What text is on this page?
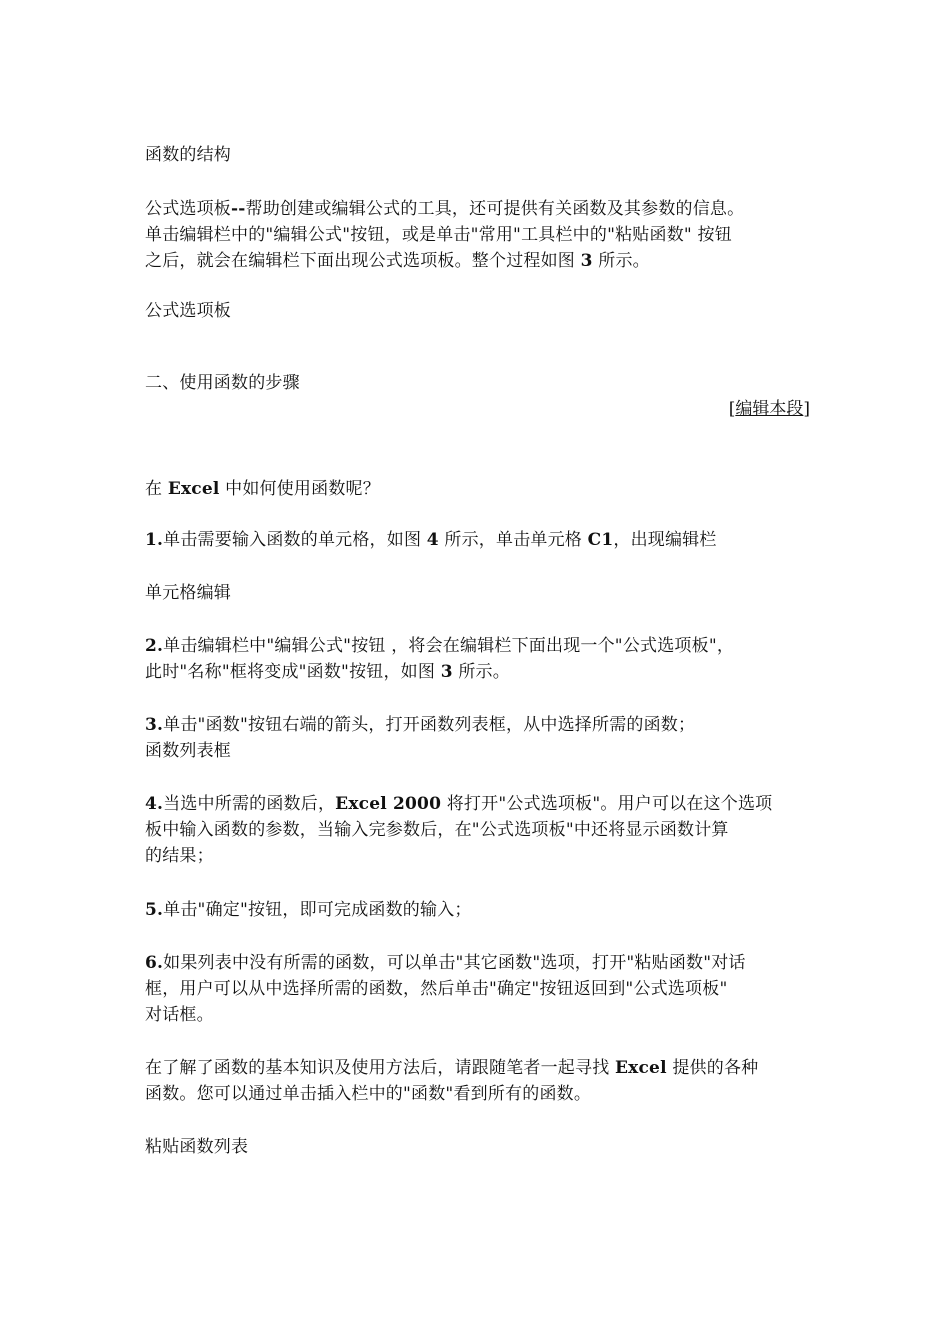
函数的结构
公式选项板--帮助创建或编辑公式的工具，还可提供有关函数及其参数的信息。
单击编辑栏中的"编辑公式"按钮，或是单击"常用"工具栏中的"粘贴函数" 按钮
之后，就会在编辑栏下面出现公式选项板。整个过程如图 3 所示。
公式选项板
二、使用函数的步骤
[编辑本段]
在 Excel 中如何使用函数呢？
1.单击需要输入函数的单元格，如图 4 所示，单击单元格 C1，出现编辑栏
单元格编辑
2.单击编辑栏中"编辑公式"按钮 ，将会在编辑栏下面出现一个"公式选项板"，
此时"名称"框将变成"函数"按钮，如图 3 所示。
3.单击"函数"按钮右端的箭头，打开函数列表框，从中选择所需的函数；
函数列表框
4.当选中所需的函数后，Excel 2000 将打开"公式选项板"。用户可以在这个选项
板中输入函数的参数，当输入完参数后，在"公式选项板"中还将显示函数计算
的结果；
5.单击"确定"按钮，即可完成函数的输入；
6.如果列表中没有所需的函数，可以单击"其它函数"选项，打开"粘贴函数"对话
框，用户可以从中选择所需的函数，然后单击"确定"按钮返回到"公式选项板"
对话框。
在了解了函数的基本知识及使用方法后，请跟随笔者一起寻找 Excel 提供的各种
函数。您可以通过单击插入栏中的"函数"看到所有的函数。
粘贴函数列表
